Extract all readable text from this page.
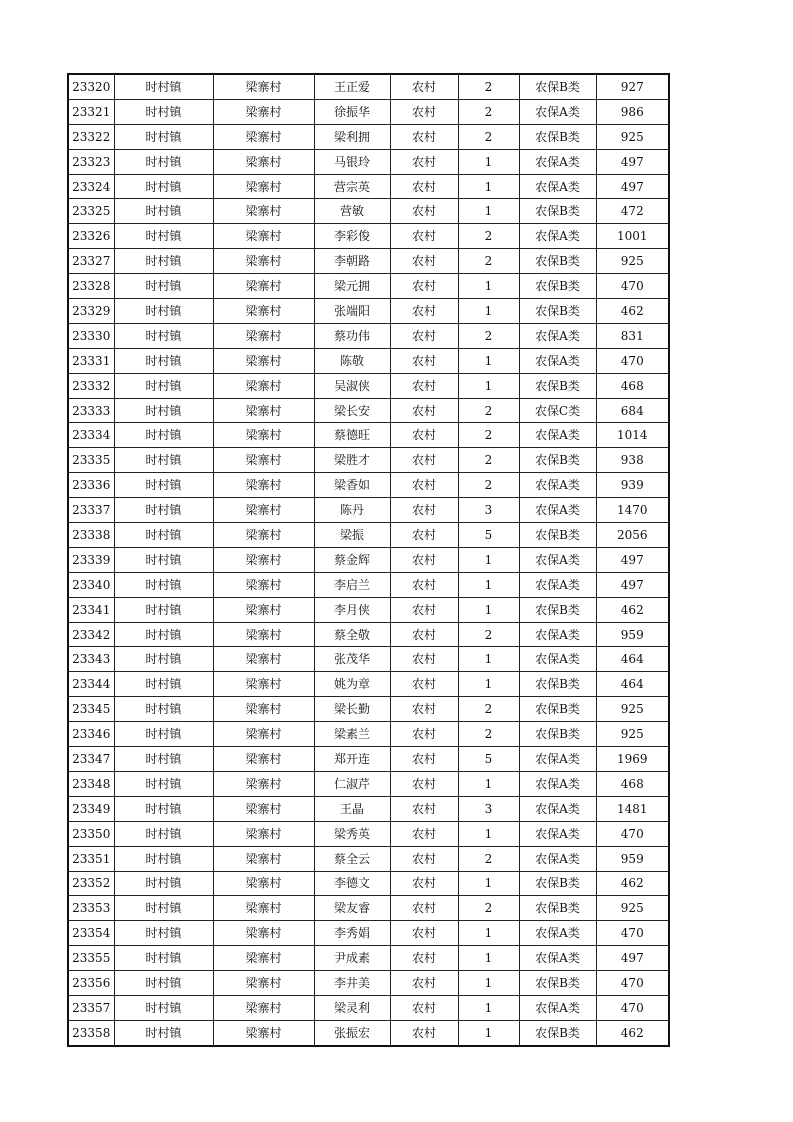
23320	时村镇	梁寨村	王正爱	农村	2	农保B类	927
23321	时村镇	梁寨村	徐振华	农村	2	农保A类	986
23322	时村镇	梁寨村	梁利拥	农村	2	农保B类	925
23323	时村镇	梁寨村	马银玲	农村	1	农保A类	497
23324	时村镇	梁寨村	营宗英	农村	1	农保A类	497
23325	时村镇	梁寨村	营敏	农村	1	农保B类	472
23326	时村镇	梁寨村	李彩俊	农村	2	农保A类	1001
23327	时村镇	梁寨村	李朝路	农村	2	农保B类	925
23328	时村镇	梁寨村	梁元拥	农村	1	农保B类	470
23329	时村镇	梁寨村	张端阳	农村	1	农保B类	462
23330	时村镇	梁寨村	蔡功伟	农村	2	农保A类	831
23331	时村镇	梁寨村	陈敬	农村	1	农保A类	470
23332	时村镇	梁寨村	吴淑侠	农村	1	农保B类	468
23333	时村镇	梁寨村	梁长安	农村	2	农保C类	684
23334	时村镇	梁寨村	蔡德旺	农村	2	农保A类	1014
23335	时村镇	梁寨村	梁胜才	农村	2	农保B类	938
23336	时村镇	梁寨村	梁香如	农村	2	农保A类	939
23337	时村镇	梁寨村	陈丹	农村	3	农保A类	1470
23338	时村镇	梁寨村	梁振	农村	5	农保B类	2056
23339	时村镇	梁寨村	蔡金辉	农村	1	农保A类	497
23340	时村镇	梁寨村	李启兰	农村	1	农保A类	497
23341	时村镇	梁寨村	李月侠	农村	1	农保B类	462
23342	时村镇	梁寨村	蔡全敬	农村	2	农保A类	959
23343	时村镇	梁寨村	张茂华	农村	1	农保A类	464
23344	时村镇	梁寨村	姚为章	农村	1	农保B类	464
23345	时村镇	梁寨村	梁长勤	农村	2	农保B类	925
23346	时村镇	梁寨村	梁素兰	农村	2	农保B类	925
23347	时村镇	梁寨村	郑开连	农村	5	农保A类	1969
23348	时村镇	梁寨村	仁淑芹	农村	1	农保A类	468
23349	时村镇	梁寨村	王晶	农村	3	农保A类	1481
23350	时村镇	梁寨村	梁秀英	农村	1	农保A类	470
23351	时村镇	梁寨村	蔡全云	农村	2	农保A类	959
23352	时村镇	梁寨村	李德文	农村	1	农保B类	462
23353	时村镇	梁寨村	梁友睿	农村	2	农保B类	925
23354	时村镇	梁寨村	李秀娟	农村	1	农保A类	470
23355	时村镇	梁寨村	尹成素	农村	1	农保A类	497
23356	时村镇	梁寨村	李井美	农村	1	农保B类	470
23357	时村镇	梁寨村	梁灵利	农村	1	农保A类	470
23358	时村镇	梁寨村	张振宏	农村	1	农保B类	462
